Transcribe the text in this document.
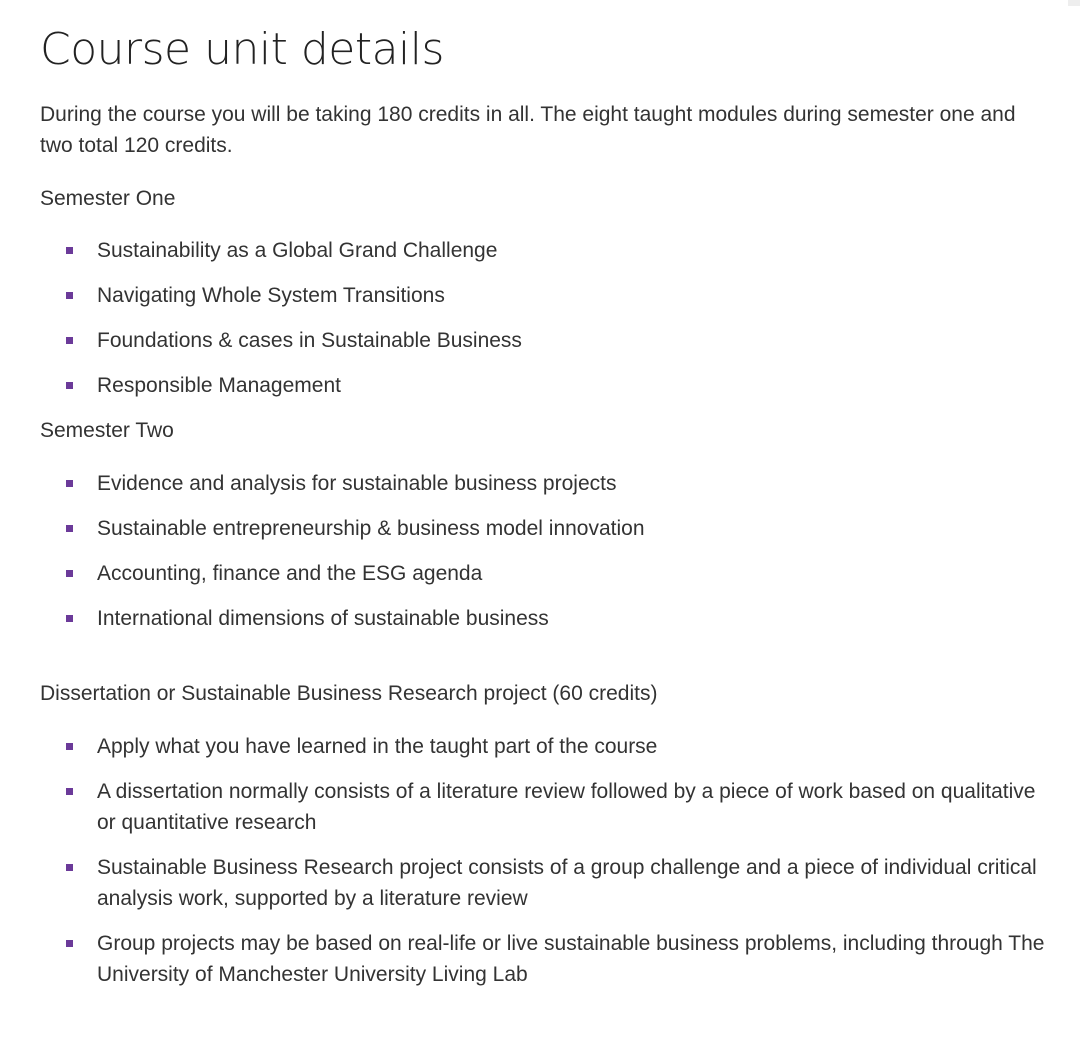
Course unit details

During the course you will be taking 180 credits in all. The eight taught modules during semester one and two total 120 credits.

Semester One

Sustainability as a Global Grand Challenge
Navigating Whole System Transitions
Foundations & cases in Sustainable Business
Responsible Management

Semester Two

Evidence and analysis for sustainable business projects
Sustainable entrepreneurship & business model innovation
Accounting, finance and the ESG agenda
International dimensions of sustainable business

Dissertation or Sustainable Business Research project (60 credits)

Apply what you have learned in the taught part of the course
A dissertation normally consists of a literature review followed by a piece of work based on qualitative or quantitative research
Sustainable Business Research project consists of a group challenge and a piece of individual critical analysis work, supported by a literature review
Group projects may be based on real-life or live sustainable business problems, including through The University of Manchester University Living Lab
